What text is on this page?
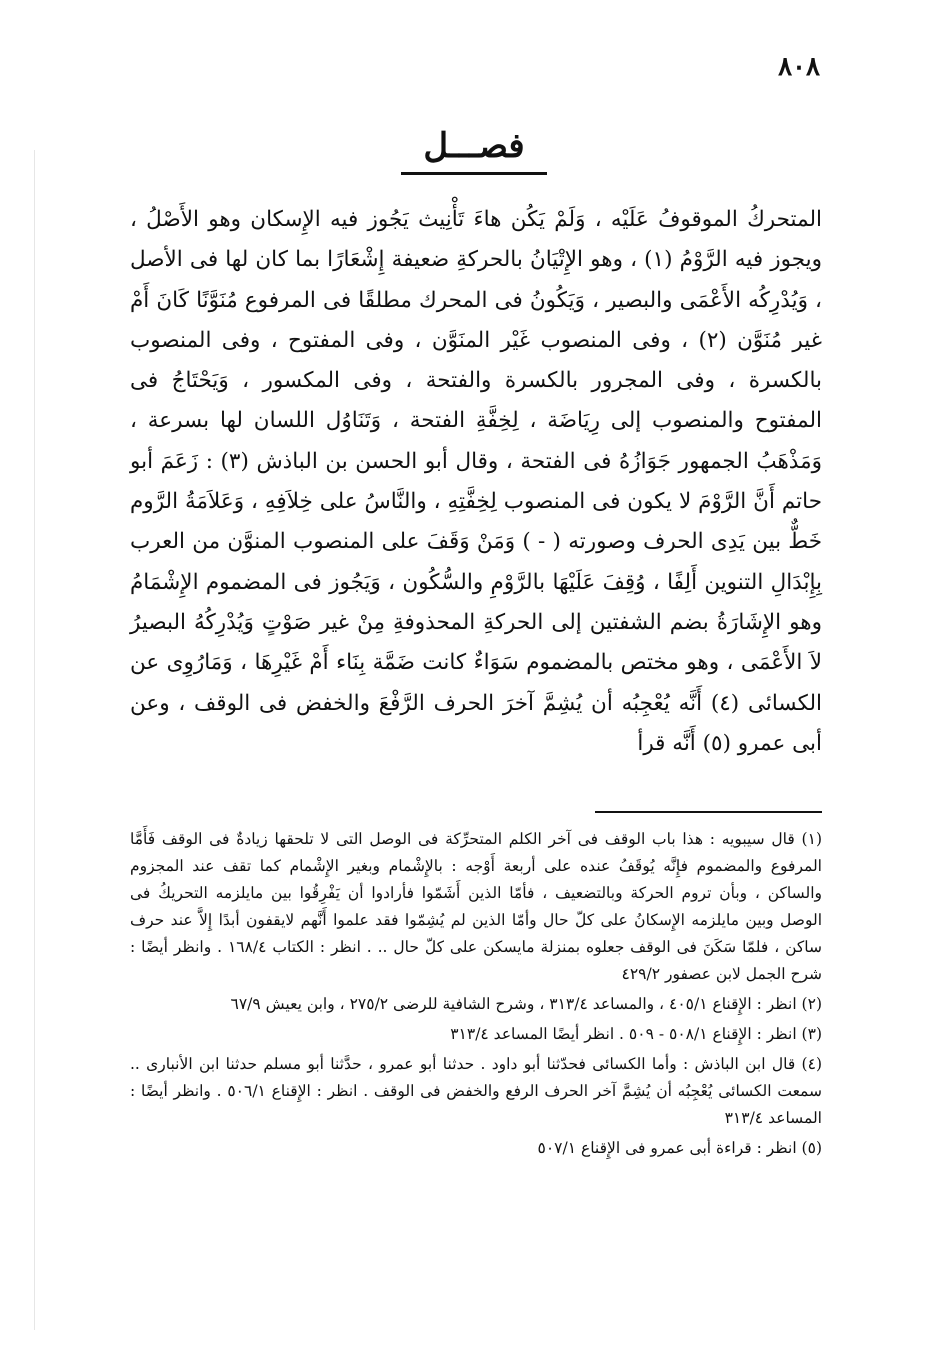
٨٠٨
فصـــل
المتحركُ الموقوفُ عَلَيْه ، وَلَمْ يَكُن هاءَ تَأْنِيث يَجُوز فيه الإِسكان وهو الأَصْلُ ، ويجوز فيه الرَّوْمُ (١) ، وهو الإِتْيَانُ بالحركةِ ضعيفة إِشْعَارًا بما كان لها فى الأصل ، وَيُدْرِكُه الأَعْمَى والبصير ، وَيَكُونُ فى المحرك مطلقًا فى المرفوع مُنَوَّنًا كَانَ أَمْ غير مُنَوَّن (٢) ، وفى المنصوب غَيْر المنَوَّن ، وفى المفتوح ، وفى المنصوب بالكسرة ، وفى المجرور بالكسرة والفتحة ، وفى المكسور ، وَيَحْتَاجُ فى المفتوح والمنصوب إلى رِيَاضَة ، لِخِفَّةِ الفتحة ، وَتَنَاوُل اللسان لها بسرعة ، وَمَذْهَبُ الجمهور جَوَازُهُ فى الفتحة ، وقال أبو الحسن بن الباذش (٣) : زَعَمَ أبو حاتم أَنَّ الرَّوْمَ لا يكون فى المنصوب لِخِفَّتِهِ ، والنَّاسُ على خِلاَفِهِ ، وَعَلاَمَةُ الرَّوم خَطٌّ بين يَدِى الحرف وصورته ( - ) وَمَنْ وَقَفَ على المنصوب المنوَّن من العرب بِإِبْدَالِ التنوين أَلِفًا ، وُقِفَ عَلَيْهَا بالرَّوْمِ والسُّكُون ، وَيَجُوز فى المضموم الإِشْمَامُ وهو الإِشَارَةُ بضم الشفتين إلى الحركةِ المحذوفةِ مِنْ غير صَوْتٍ وَيُدْرِكُهُ البصيرُ لاَ الأَعْمَى ، وهو مختص بالمضموم سَوَاءٌ كانت ضَمَّة بِنَاء أَمْ غَيْرِهَا ، وَمَارُوِى عن الكسائى (٤) أَنَّه يُعْجِبُه أن يُشِمَّ آخرَ الحرف الرَّفْعَ والخفض فى الوقف ، وعن أبى عمرو (٥) أَنَّه قرأ

(١) قال سيبويه : هذا باب الوقف فى آخر الكلم المتحرِّكة فى الوصل التى لا تلحقها زيادةٌ فى الوقف فَأَمَّا المرفوع والمضموم فإِنَّه يُوقَفُ عنده على أربعة أَوْجه : بالإِشْمام وبغير الإِشْمام كما تقف عند المجزوم والساكن ، وبأن تروم الحركة وبالتضعيف ، فأمّا الذين أَشَمّوا فأرادوا أن يَفْرِقُوا بين مايلزمه التحريكُ فى الوصل وبين مايلزمه الإِسكانُ على كلّ حال وأمّا الذين لم يُشِمّوا فقد علموا أَنَّهم لايقفون أبدًا إِلاَّ عند حرف ساكن ، فلمّا سَكَنَ فى الوقف جعلوه بمنزلة مايسكن على كلّ حال .. . انظر : الكتاب ١٦٨/٤ . وانظر أيضًا : شرح الجمل لابن عصفور ٤٢٩/٢

(٢) انظر : الإِقناع ٤٠٥/١ ، والمساعد ٣١٣/٤ ، وشرح الشافية للرضى ٢٧٥/٢ ، وابن يعيش ٦٧/٩

(٣) انظر : الإِقناع ٥٠٨/١ - ٥٠٩ . انظر أيضًا المساعد ٣١٣/٤

(٤) قال ابن الباذش : وأما الكسائى فحدّثنا أبو داود . حدثنا أبو عمرو ، حدَّثنا أبو مسلم حدثنا ابن الأنبارى .. سمعت الكسائى يُعْجِبُه أن يُشِمَّ آخر الحرف الرفع والخفض فى الوقف . انظر : الإِقناع ٥٠٦/١ . وانظر أيضًا : المساعد ٣١٣/٤

(٥) انظر : قراءة أبى عمرو فى الإِقناع ٥٠٧/١
